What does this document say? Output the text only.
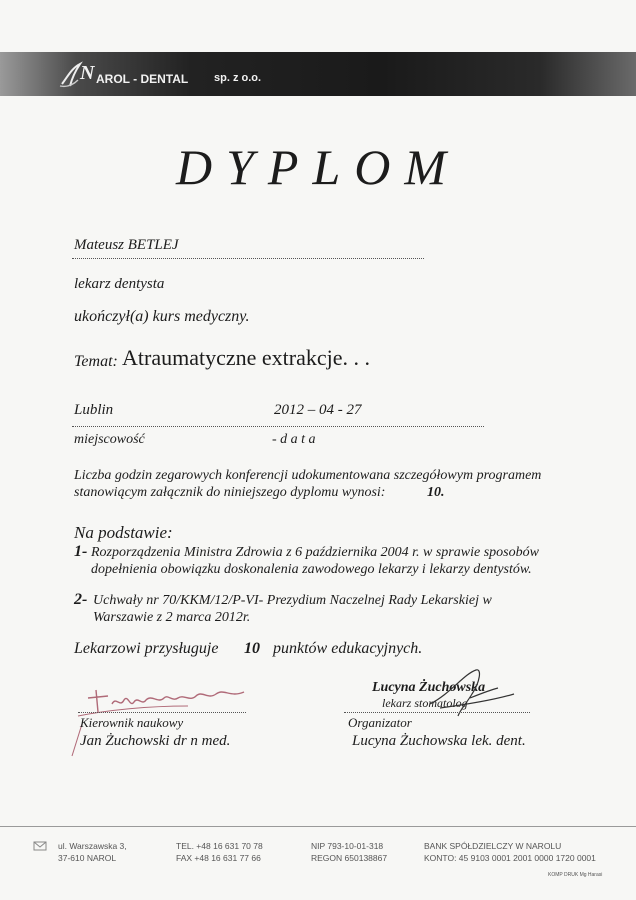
N AROL - DENTAL sp. z o.o.
DYPLOM
Mateusz BETLEJ
lekarz dentysta
ukończył(a) kurs medyczny.
Temat: Atraumatyczne extrakcje. . .
Lublin	2012 – 04 - 27
miejscowość	- d a t a
Liczba godzin zegarowych konferencji udokumentowana szczegółowym programem
stanowiącym załącznik do niniejszego dyplomu wynosi:	10.
Na podstawie:
1- Rozporządzenia Ministra Zdrowia z 6 października 2004 r. w sprawie sposobów
dopełnienia obowiązku doskonalenia zawodowego lekarzy i lekarzy dentystów.
2- Uchwały nr 70/KKM/12/P-VI- Prezydium Naczelnej Rady Lekarskiej w
Warszawie z 2 marca 2012r.
Lekarzowi przysługuje 10 punktów edukacyjnych.
Kierownik naukowy
Jan Żuchowski dr n med.
Lucyna Żuchowska
lekarz stomatolog
Organizator
Lucyna Żuchowska lek. dent.
ul. Warszawska 3,
37-610 NAROL
TEL. +48 16 631 70 78
FAX +48 16 631 77 66
NIP 793-10-01-318
REGON 650138867
BANK SPÓŁDZIELCZY W NAROLU
KONTO: 45 9103 0001 2001 0000 1720 0001
KOMP DRUK Mg Harasi
